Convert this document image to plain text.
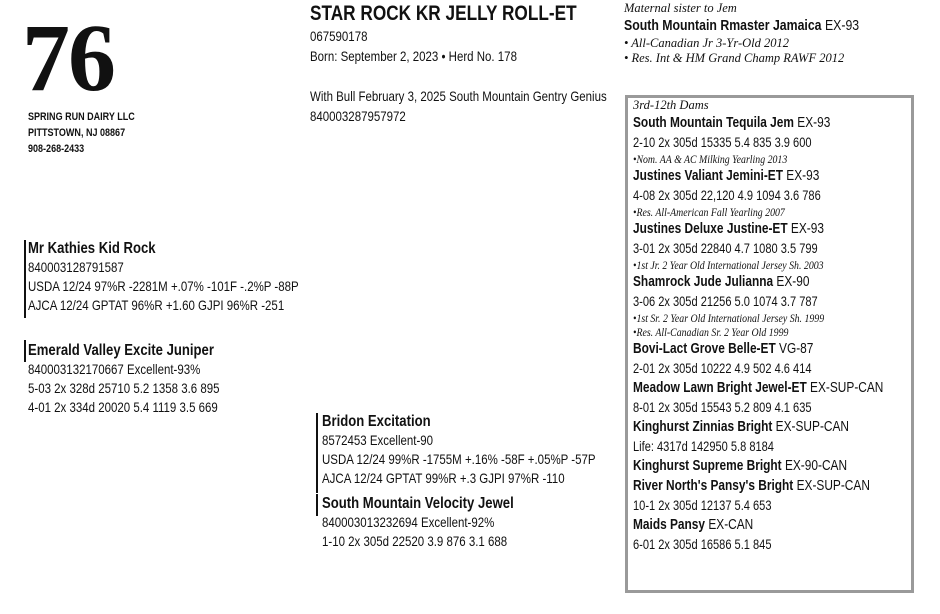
76
SPRING RUN DAIRY LLC
PITTSTOWN, NJ 08867
908-268-2433
STAR ROCK KR JELLY ROLL-ET
067590178
Born: September 2, 2023 • Herd No. 178
With Bull February 3, 2025 South Mountain Gentry Genius
840003287957972
Maternal sister to Jem
South Mountain Rmaster Jamaica EX-93
• All-Canadian Jr 3-Yr-Old 2012
• Res. Int & HM Grand Champ RAWF 2012
Mr Kathies Kid Rock
840003128791587
USDA 12/24 97%R -2281M +.07% -101F -.2%P -88P
AJCA 12/24 GPTAT 96%R +1.60 GJPI 96%R -251
Emerald Valley Excite Juniper
840003132170667 Excellent-93%
5-03 2x 328d 25710 5.2 1358 3.6 895
4-01 2x 334d 20020 5.4 1119 3.5 669
Bridon Excitation
8572453 Excellent-90
USDA 12/24 99%R -1755M +.16% -58F +.05%P -57P
AJCA 12/24 GPTAT 99%R +.3 GJPI 97%R -110
South Mountain Velocity Jewel
840003013232694 Excellent-92%
1-10 2x 305d 22520 3.9 876 3.1 688
3rd-12th Dams
South Mountain Tequila Jem EX-93
2-10 2x 305d 15335 5.4 835 3.9 600
•Nom. AA & AC Milking Yearling 2013
Justines Valiant Jemini-ET EX-93
4-08 2x 305d 22,120 4.9 1094 3.6 786
•Res. All-American Fall Yearling 2007
Justines Deluxe Justine-ET EX-93
3-01 2x 305d 22840 4.7 1080 3.5 799
•1st Jr. 2 Year Old International Jersey Sh. 2003
Shamrock Jude Julianna EX-90
3-06 2x 305d 21256 5.0 1074 3.7 787
•1st Sr. 2 Year Old International Jersey Sh. 1999
•Res. All-Canadian Sr. 2 Year Old 1999
Bovi-Lact Grove Belle-ET VG-87
2-01 2x 305d 10222 4.9 502 4.6 414
Meadow Lawn Bright Jewel-ET EX-SUP-CAN
8-01 2x 305d 15543 5.2 809 4.1 635
Kinghurst Zinnias Bright EX-SUP-CAN
Life: 4317d 142950 5.8 8184
Kinghurst Supreme Bright EX-90-CAN
River North's Pansy's Bright EX-SUP-CAN
10-1 2x 305d 12137 5.4 653
Maids Pansy EX-CAN
6-01 2x 305d 16586 5.1 845
